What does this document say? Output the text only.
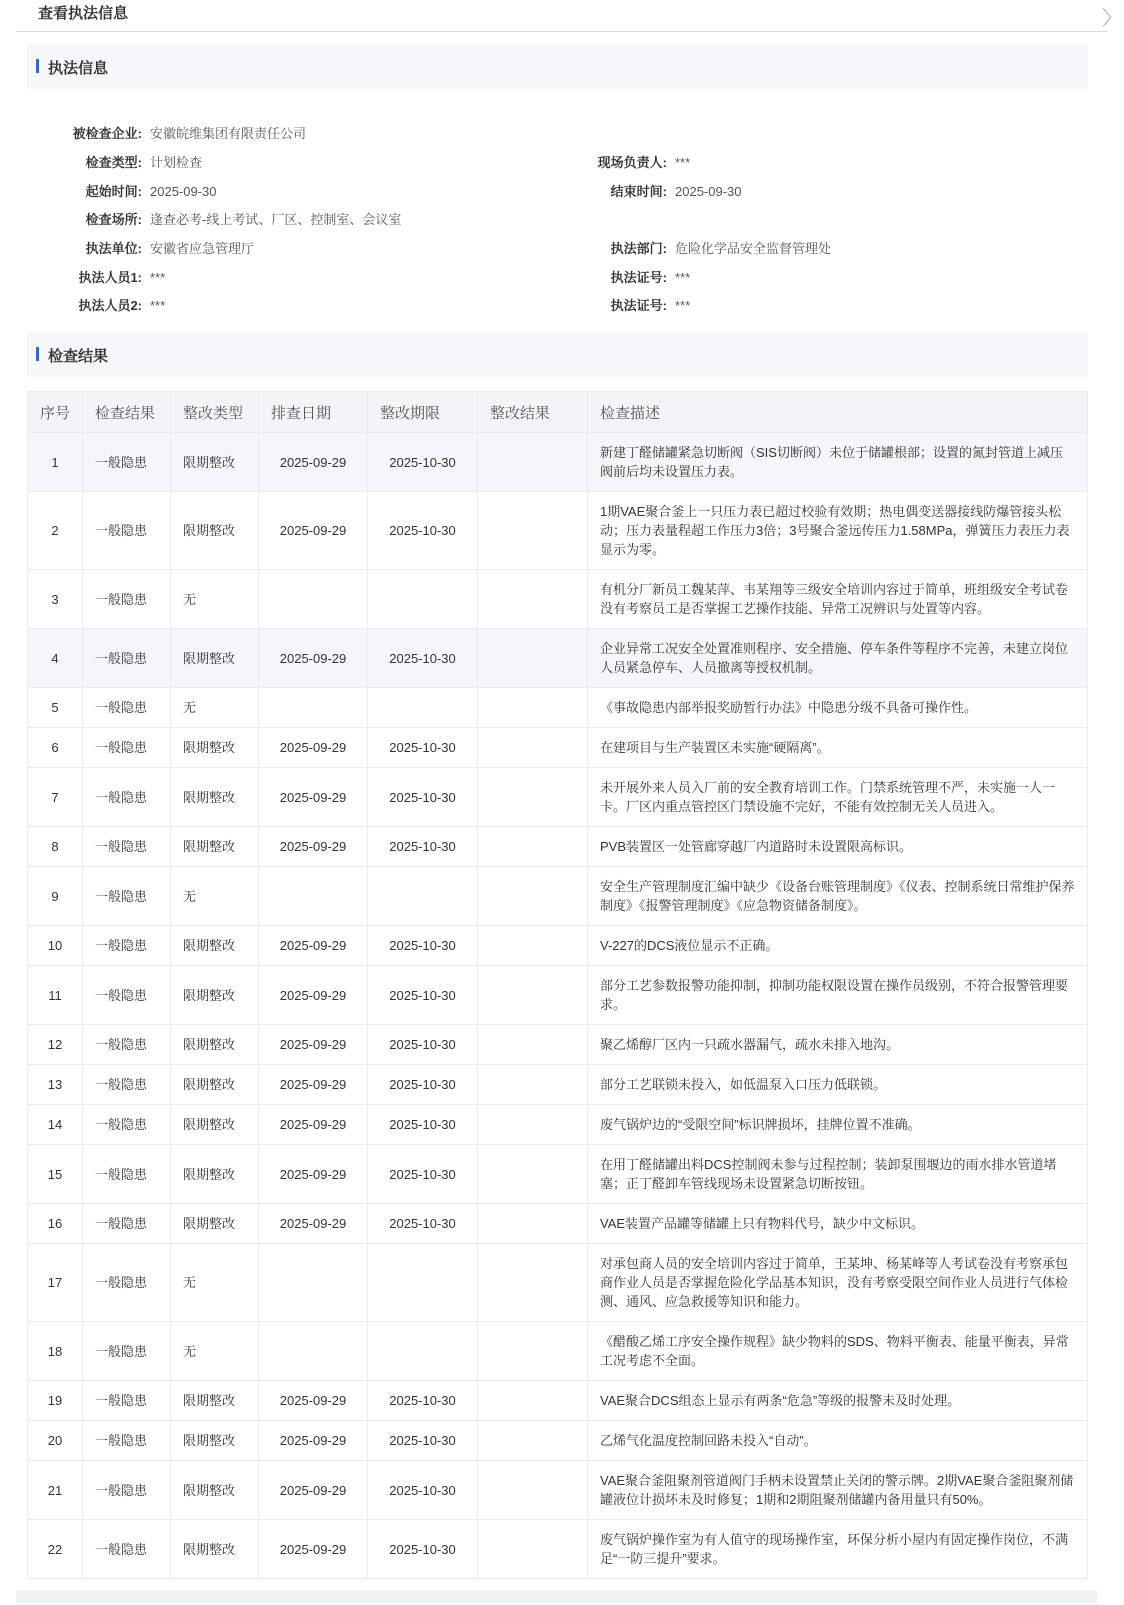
查看执法信息	〉
执法信息
被检查企业: 安徽皖维集团有限责任公司
检查类型: 计划检查	现场负责人: ***
起始时间: 2025-09-30	结束时间: 2025-09-30
检查场所: 逢查必考-线上考试、厂区、控制室、会议室
执法单位: 安徽省应急管理厅	执法部门: 危险化学品安全监督管理处
执法人员1: ***	执法证号: ***
执法人员2: ***	执法证号: ***
检查结果
序号	检查结果	整改类型	排查日期	整改期限	整改结果	检查描述
1	一般隐患	限期整改	2025-09-29	2025-10-30		新建丁醛储罐紧急切断阀（SIS切断阀）未位于储罐根部；设置的氮封管道上减压阀前后均未设置压力表。
2	一般隐患	限期整改	2025-09-29	2025-10-30		1期VAE聚合釜上一只压力表已超过校验有效期；热电偶变送器接线防爆管接头松动；压力表量程超工作压力3倍；3号聚合釜远传压力1.58MPa，弹簧压力表压力表显示为零。
3	一般隐患	无				有机分厂新员工魏某萍、韦某翔等三级安全培训内容过于简单，班组级安全考试卷没有考察员工是否掌握工艺操作技能、异常工况辨识与处置等内容。
4	一般隐患	限期整改	2025-09-29	2025-10-30		企业异常工况安全处置准则程序、安全措施、停车条件等程序不完善，未建立岗位人员紧急停车、人员撤离等授权机制。
5	一般隐患	无				《事故隐患内部举报奖励暂行办法》中隐患分级不具备可操作性。
6	一般隐患	限期整改	2025-09-29	2025-10-30		在建项目与生产装置区未实施“硬隔离”。
7	一般隐患	限期整改	2025-09-29	2025-10-30		未开展外来人员入厂前的安全教育培训工作。门禁系统管理不严，未实施一人一卡。厂区内重点管控区门禁设施不完好，不能有效控制无关人员进入。
8	一般隐患	限期整改	2025-09-29	2025-10-30		PVB装置区一处管廊穿越厂内道路时未设置限高标识。
9	一般隐患	无				安全生产管理制度汇编中缺少《设备台账管理制度》《仪表、控制系统日常维护保养制度》《报警管理制度》《应急物资储备制度》。
10	一般隐患	限期整改	2025-09-29	2025-10-30		V-227的DCS液位显示不正确。
11	一般隐患	限期整改	2025-09-29	2025-10-30		部分工艺参数报警功能抑制，抑制功能权限设置在操作员级别，不符合报警管理要求。
12	一般隐患	限期整改	2025-09-29	2025-10-30		聚乙烯醇厂区内一只疏水器漏气，疏水未排入地沟。
13	一般隐患	限期整改	2025-09-29	2025-10-30		部分工艺联锁未投入，如低温泵入口压力低联锁。
14	一般隐患	限期整改	2025-09-29	2025-10-30		废气锅炉边的“受限空间”标识牌损坏，挂牌位置不准确。
15	一般隐患	限期整改	2025-09-29	2025-10-30		在用丁醛储罐出料DCS控制阀未参与过程控制；装卸泵围堰边的雨水排水管道堵塞；正丁醛卸车管线现场未设置紧急切断按钮。
16	一般隐患	限期整改	2025-09-29	2025-10-30		VAE装置产品罐等储罐上只有物料代号，缺少中文标识。
17	一般隐患	无				对承包商人员的安全培训内容过于简单，王某坤、杨某峰等人考试卷没有考察承包商作业人员是否掌握危险化学品基本知识，没有考察受限空间作业人员进行气体检测、通风、应急救援等知识和能力。
18	一般隐患	无				《醋酸乙烯工序安全操作规程》缺少物料的SDS、物料平衡表、能量平衡表，异常工况考虑不全面。
19	一般隐患	限期整改	2025-09-29	2025-10-30		VAE聚合DCS组态上显示有两条“危急”等级的报警未及时处理。
20	一般隐患	限期整改	2025-09-29	2025-10-30		乙烯气化温度控制回路未投入“自动”。
21	一般隐患	限期整改	2025-09-29	2025-10-30		VAE聚合釜阻聚剂管道阀门手柄未设置禁止关闭的警示牌。2期VAE聚合釜阻聚剂储罐液位计损坏未及时修复；1期和2期阻聚剂储罐内备用量只有50%。
22	一般隐患	限期整改	2025-09-29	2025-10-30		废气锅炉操作室为有人值守的现场操作室，环保分析小屋内有固定操作岗位，不满足“一防三提升”要求。
